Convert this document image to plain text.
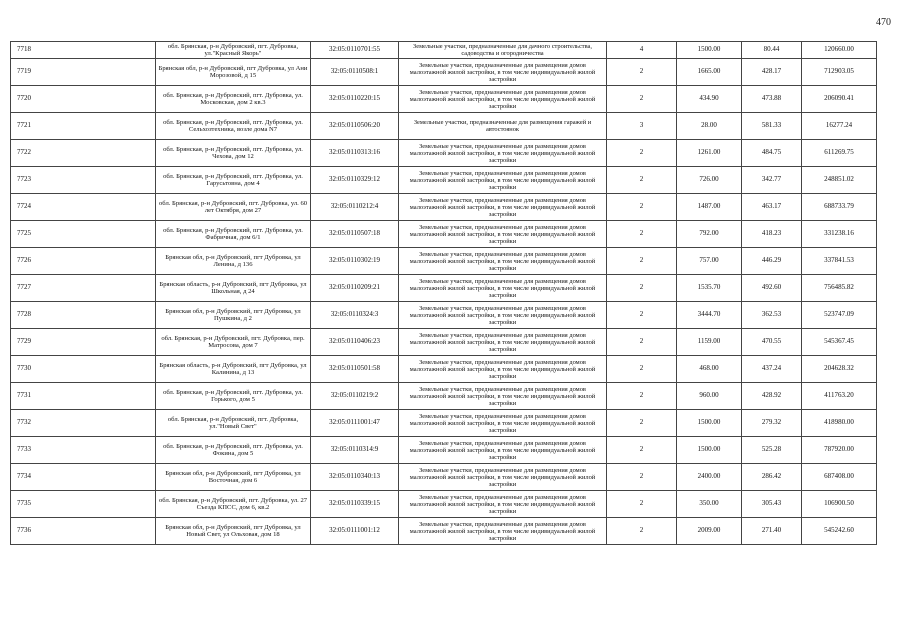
470
7718	обл. Брянская, р-н Дубровский, пгт. Дубровка, ул."Красный Якорь"	32:05:0110701:55	Земельные участки, предназначенные для дачного строительства, садоводства и огородничества	4	1500.00	80.44	120660.00
7719	Брянская обл, р-н Дубровский, пгт Дубровка, ул Ани Морозовой, д 15	32:05:0110508:1	Земельные участки, предназначенные для размещения домов малоэтажной жилой застройки, в том числе индивидуальной жилой застройки	2	1665.00	428.17	712903.05
7720	обл. Брянская, р-н Дубровский, пгт. Дубровка, ул. Московская, дом 2 кв.3	32:05:0110220:15	Земельные участки, предназначенные для размещения домов малоэтажной жилой застройки, в том числе индивидуальной жилой застройки	2	434.90	473.88	206090.41
7721	обл. Брянская, р-н Дубровский, пгт. Дубровка, ул. Сельхозтехника, возле дома N7	32:05:0110506:20	Земельные участки, предназначенные для размещения гаражей и автостоянок	3	28.00	581.33	16277.24
7722	обл. Брянская, р-н Дубровский, пгт. Дубровка, ул. Чехова, дом 12	32:05:0110313:16	Земельные участки, предназначенные для размещения домов малоэтажной жилой застройки, в том числе индивидуальной жилой застройки	2	1261.00	484.75	611269.75
7723	обл. Брянская, р-н Дубровский, пгт. Дубровка, ул. Гарусьтовна, дом 4	32:05:0110329:12	Земельные участки, предназначенные для размещения домов малоэтажной жилой застройки, в том числе индивидуальной жилой застройки	2	726.00	342.77	248851.02
7724	обл. Брянская, р-н Дубровский, пгт. Дубровка, ул. 60 лет Октября, дом 27	32:05:0110212:4	Земельные участки, предназначенные для размещения домов малоэтажной жилой застройки, в том числе индивидуальной жилой застройки	2	1487.00	463.17	688733.79
7725	обл. Брянская, р-н Дубровский, пгт. Дубровка, ул. Фабричная, дом 6/1	32:05:0110507:18	Земельные участки, предназначенные для размещения домов малоэтажной жилой застройки, в том числе индивидуальной жилой застройки	2	792.00	418.23	331238.16
7726	Брянская обл, р-н Дубровский, пгт Дубровка, ул Ленина, д 136	32:05:0110302:19	Земельные участки, предназначенные для размещения домов малоэтажной жилой застройки, в том числе индивидуальной жилой застройки	2	757.00	446.29	337841.53
7727	Брянская область, р-н Дубровский, пгт Дубровка, ул Школьная, д 24	32:05:0110209:21	Земельные участки, предназначенные для размещения домов малоэтажной жилой застройки, в том числе индивидуальной жилой застройки	2	1535.70	492.60	756485.82
7728	Брянская обл, р-н Дубровский, пгт Дубровка, ул Пушкина, д 2	32:05:0110324:3	Земельные участки, предназначенные для размещения домов малоэтажной жилой застройки, в том числе индивидуальной жилой застройки	2	3444.70	362.53	523747.09
7729	обл. Брянская, р-н Дубровский, пгт. Дубровка, пер. Матросова, дом 7	32:05:0110406:23	Земельные участки, предназначенные для размещения домов малоэтажной жилой застройки, в том числе индивидуальной жилой застройки	2	1159.00	470.55	545367.45
7730	Брянская область, р-н Дубровский, пгт Дубровка, ул Калинина, д 13	32:05:0110501:58	Земельные участки, предназначенные для размещения домов малоэтажной жилой застройки, в том числе индивидуальной жилой застройки	2	468.00	437.24	204628.32
7731	обл. Брянская, р-н Дубровский, пгт. Дубровка, ул. Горького, дом 5	32:05:0110219:2	Земельные участки, предназначенные для размещения домов малоэтажной жилой застройки, в том числе индивидуальной жилой застройки	2	960.00	428.92	411763.20
7732	обл. Брянская, р-н Дубровский, пгт. Дубровка, ул."Новый Свет"	32:05:0111001:47	Земельные участки, предназначенные для размещения домов малоэтажной жилой застройки, в том числе индивидуальной жилой застройки	2	1500.00	279.32	418980.00
7733	обл. Брянская, р-н Дубровский, пгт. Дубровка, ул. Фокина, дом 5	32:05:0110314:9	Земельные участки, предназначенные для размещения домов малоэтажной жилой застройки, в том числе индивидуальной жилой застройки	2	1500.00	525.28	787920.00
7734	Брянская обл, р-н Дубровский, пгт Дубровка, ул Восточная, дом 6	32:05:0110340:13	Земельные участки, предназначенные для размещения домов малоэтажной жилой застройки, в том числе индивидуальной жилой застройки	2	2400.00	286.42	687408.00
7735	обл. Брянская, р-н Дубровский, пгт. Дубровка, ул. 27 Съезда КПСС, дом 6, кв.2	32:05:0110339:15	Земельные участки, предназначенные для размещения домов малоэтажной жилой застройки, в том числе индивидуальной жилой застройки	2	350.00	305.43	106900.50
7736	Брянская обл, р-н Дубровский, пгт Дубровка, ул Новый Свет, ул Ольховая, дом 18	32:05:0111001:12	Земельные участки, предназначенные для размещения домов малоэтажной жилой застройки, в том числе индивидуальной жилой застройки	2	2009.00	271.40	545242.60
